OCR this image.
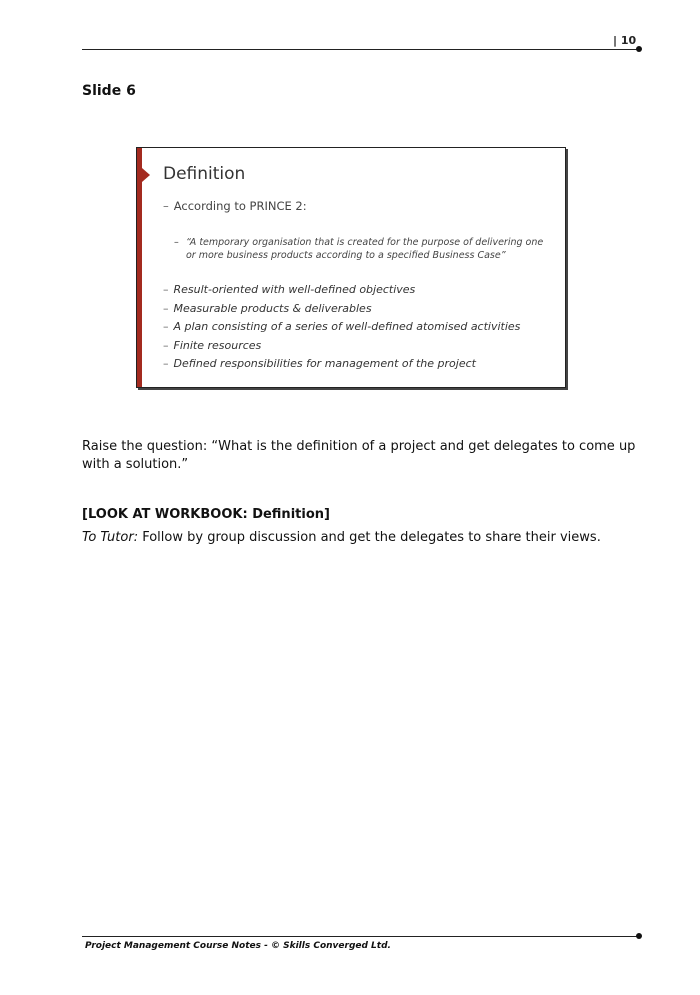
| 10
Slide 6
Definition
– According to PRINCE 2:
– “A temporary organisation that is created for the purpose of delivering one or more business products according to a specified Business Case”
– Result-oriented with well-defined objectives
– Measurable products & deliverables
– A plan consisting of a series of well-defined atomised activities
– Finite resources
– Defined responsibilities for management of the project
Raise the question: “What is the definition of a project and get delegates to come up with a solution.”
[LOOK AT WORKBOOK: Definition]
To Tutor: Follow by group discussion and get the delegates to share their views.
Project Management Course Notes - © Skills Converged Ltd.
